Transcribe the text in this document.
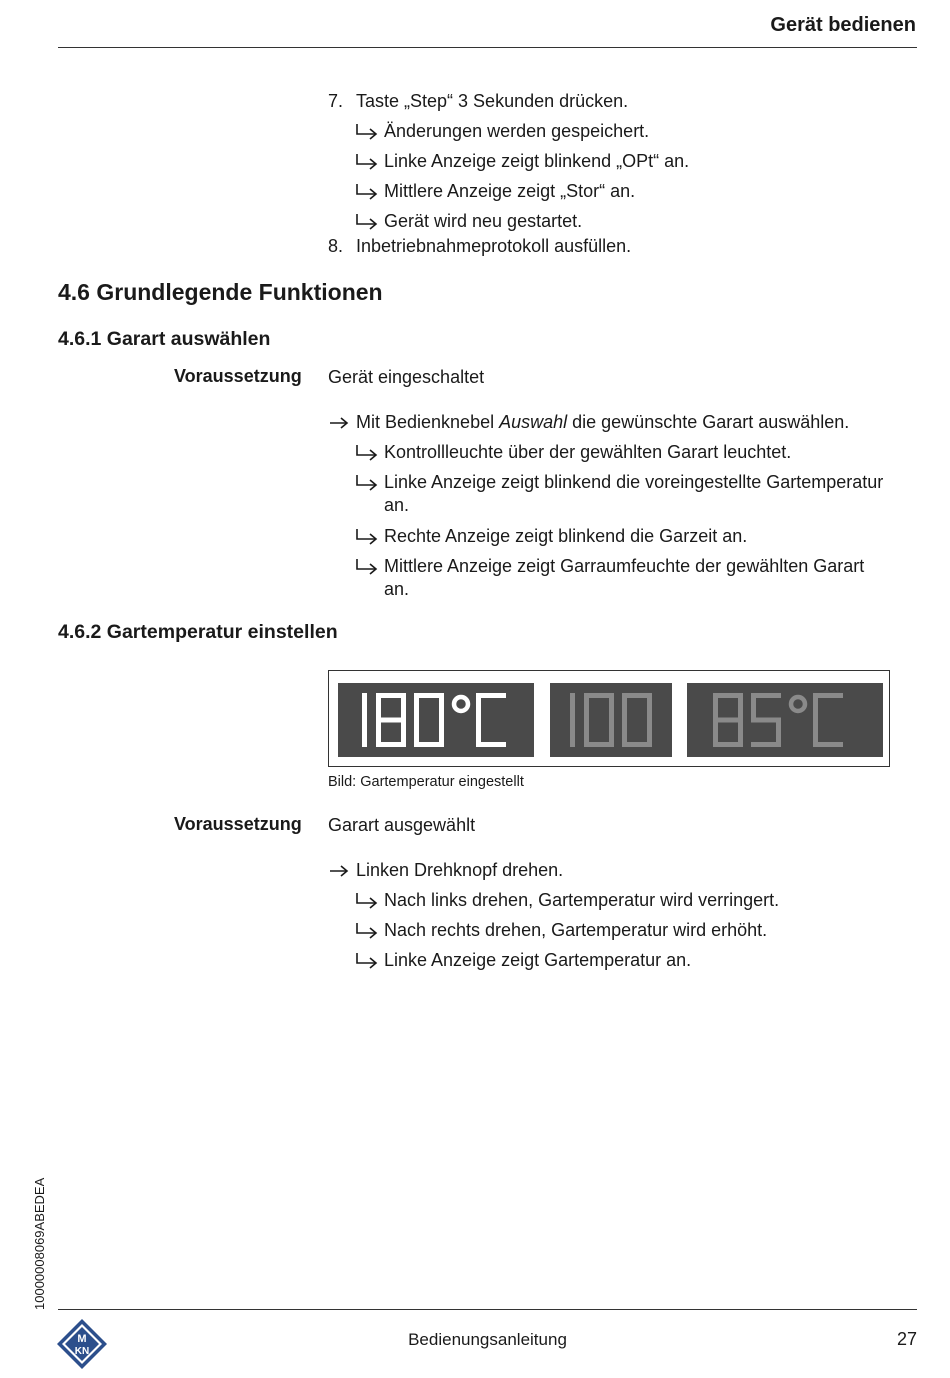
Gerät bedienen
7. Taste „Step“ 3 Sekunden drücken.
Änderungen werden gespeichert.
Linke Anzeige zeigt blinkend „OPt“ an.
Mittlere Anzeige zeigt „Stor“ an.
Gerät wird neu gestartet.
8. Inbetriebnahmeprotokoll ausfüllen.
4.6 Grundlegende Funktionen
4.6.1 Garart auswählen
Voraussetzung	Gerät eingeschaltet
Mit Bedienknebel Auswahl die gewünschte Garart auswählen.
Kontrollleuchte über der gewählten Garart leuchtet.
Linke Anzeige zeigt blinkend die voreingestellte Gartemperatur
an.
Rechte Anzeige zeigt blinkend die Garzeit an.
Mittlere Anzeige zeigt Garraumfeuchte der gewählten Garart
an.
4.6.2 Gartemperatur einstellen
Bild: Gartemperatur eingestellt
Voraussetzung	Garart ausgewählt
Linken Drehknopf drehen.
Nach links drehen, Gartemperatur wird verringert.
Nach rechts drehen, Gartemperatur wird erhöht.
Linke Anzeige zeigt Gartemperatur an.
10000008069ABEDEA
M
KN
Bedienungsanleitung	27
